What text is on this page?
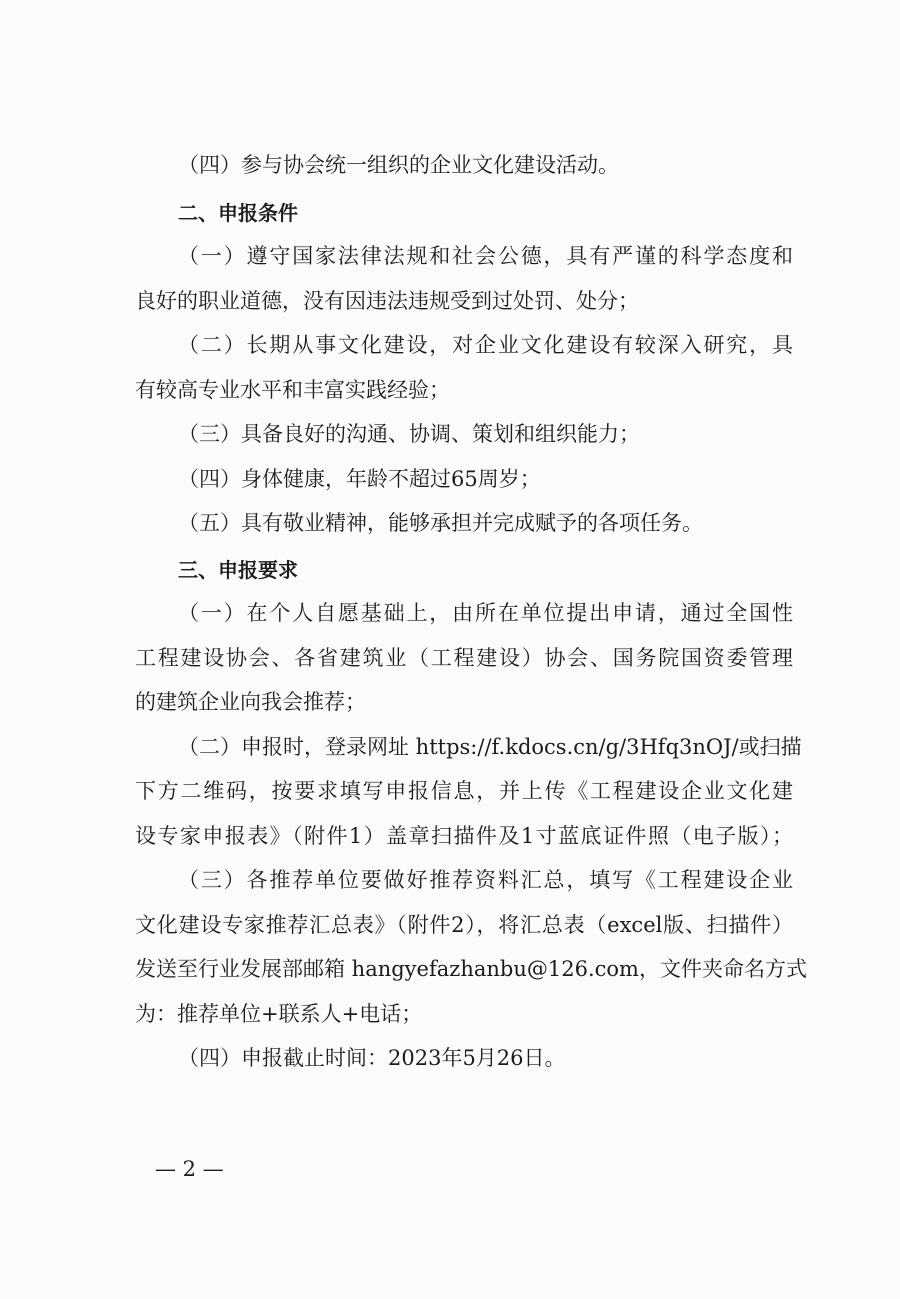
（四）参与协会统一组织的企业文化建设活动。
二、申报条件
（一）遵守国家法律法规和社会公德，具有严谨的科学态度和
良好的职业道德，没有因违法违规受到过处罚、处分；
（二）长期从事文化建设，对企业文化建设有较深入研究，具
有较高专业水平和丰富实践经验；
（三）具备良好的沟通、协调、策划和组织能力；
（四）身体健康，年龄不超过65周岁；
（五）具有敬业精神，能够承担并完成赋予的各项任务。
三、申报要求
（一）在个人自愿基础上，由所在单位提出申请，通过全国性
工程建设协会、各省建筑业（工程建设）协会、国务院国资委管理
的建筑企业向我会推荐；
（二）申报时，登录网址 https://f.kdocs.cn/g/3Hfq3nOJ/或扫描
下方二维码，按要求填写申报信息，并上传《工程建设企业文化建
设专家申报表》（附件1）盖章扫描件及1寸蓝底证件照（电子版）；
（三）各推荐单位要做好推荐资料汇总，填写《工程建设企业
文化建设专家推荐汇总表》（附件2），将汇总表（excel版、扫描件）
发送至行业发展部邮箱 hangyefazhanbu@126.com，文件夹命名方式
为：推荐单位+联系人+电话；
（四）申报截止时间：2023年5月26日。
— 2 —
